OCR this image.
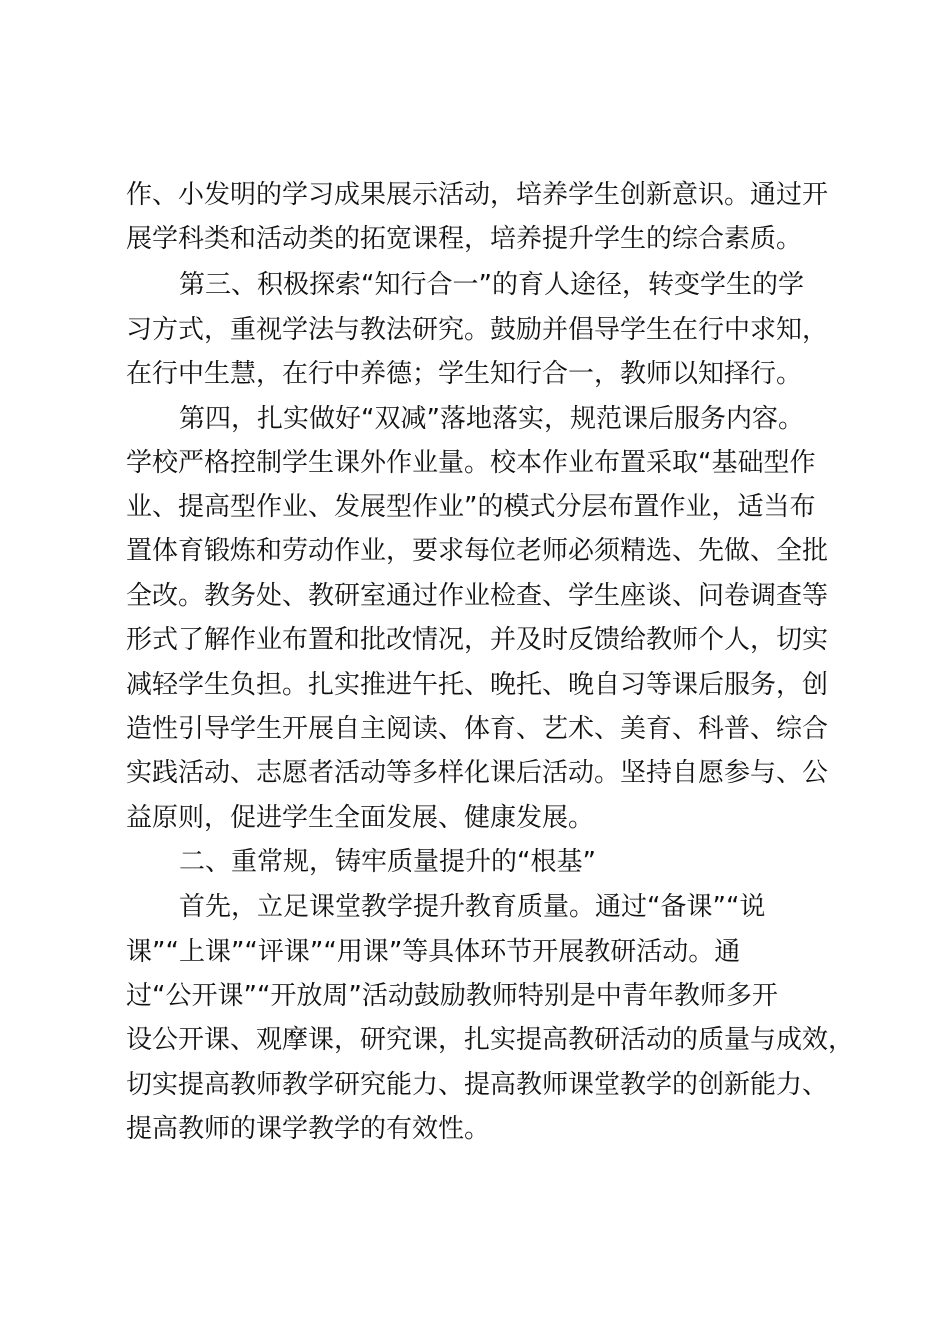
作、小发明的学习成果展示活动，培养学生创新意识。通过开
展学科类和活动类的拓宽课程，培养提升学生的综合素质。
第三、积极探索“知行合一”的育人途径，转变学生的学
习方式，重视学法与教法研究。鼓励并倡导学生在行中求知，
在行中生慧，在行中养德；学生知行合一，教师以知择行。
第四，扎实做好“双减”落地落实，规范课后服务内容。
学校严格控制学生课外作业量。校本作业布置采取“基础型作
业、提高型作业、发展型作业”的模式分层布置作业，适当布
置体育锻炼和劳动作业，要求每位老师必须精选、先做、全批
全改。教务处、教研室通过作业检查、学生座谈、问卷调查等
形式了解作业布置和批改情况，并及时反馈给教师个人，切实
减轻学生负担。扎实推进午托、晚托、晚自习等课后服务，创
造性引导学生开展自主阅读、体育、艺术、美育、科普、综合
实践活动、志愿者活动等多样化课后活动。坚持自愿参与、公
益原则，促进学生全面发展、健康发展。
二、重常规，铸牢质量提升的“根基”
首先，立足课堂教学提升教育质量。通过“备课”“说
课”“上课”“评课”“用课”等具体环节开展教研活动。通
过“公开课”“开放周”活动鼓励教师特别是中青年教师多开
设公开课、观摩课，研究课，扎实提高教研活动的质量与成效，
切实提高教师教学研究能力、提高教师课堂教学的创新能力、
提高教师的课学教学的有效性。
